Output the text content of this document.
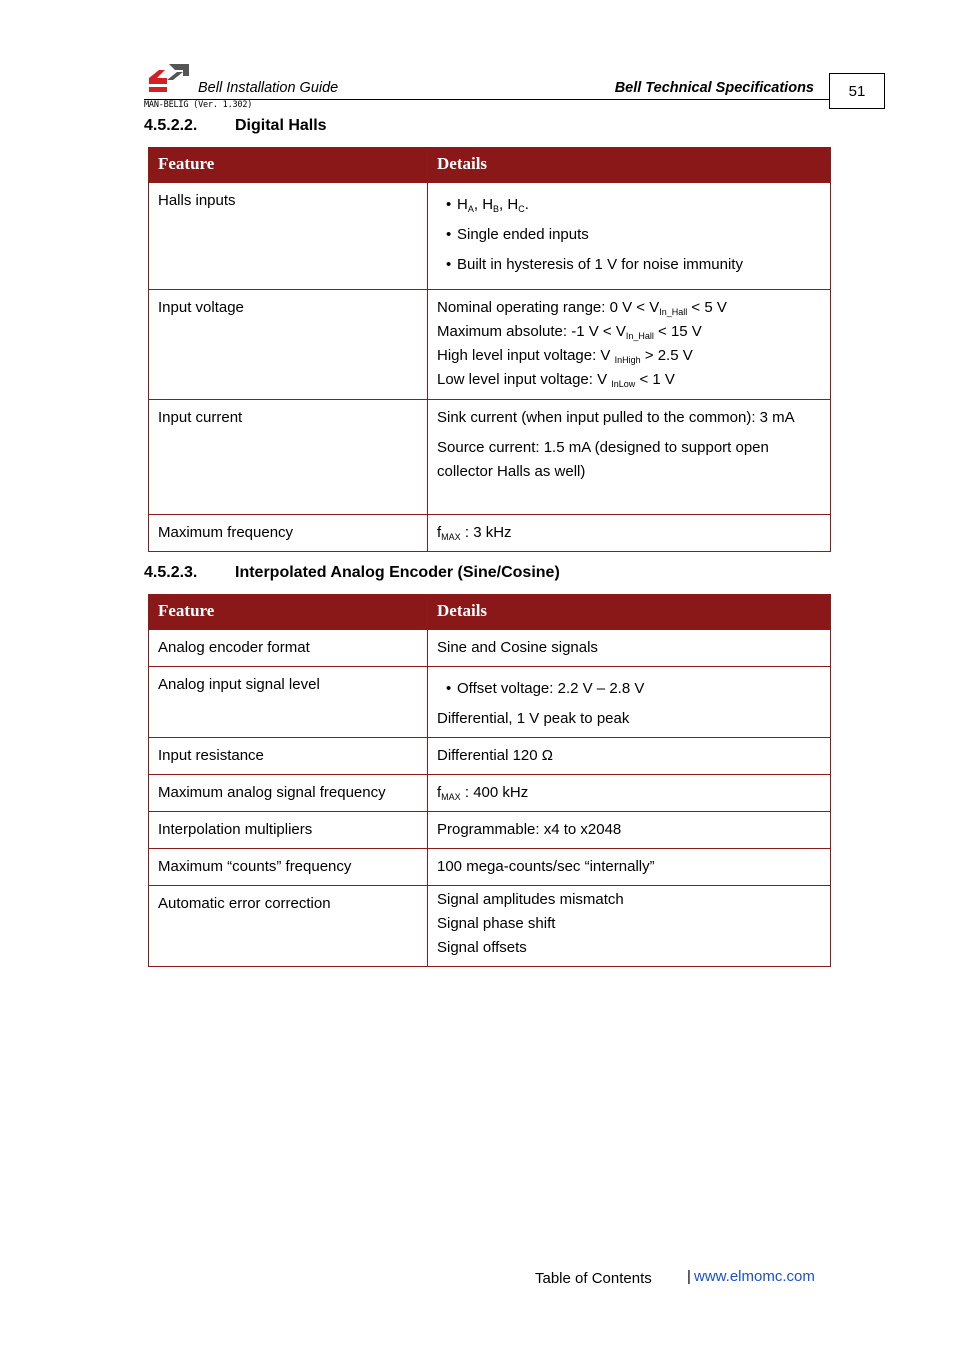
Bell Installation Guide	Bell Technical Specifications	51
MAN-BELIG (Ver. 1.302)
4.5.2.2. Digital Halls
Feature	Details
Halls inputs	• $H_A$, $H_B$, $H_C$.
• Single ended inputs
• Built in hysteresis of 1 V for noise immunity

Input voltage	Nominal operating range: 0 $V < V_{In\_Hall} < 5$ V
Maximum absolute: -1 $V < V_{In\_Hall} < 15$ V
High level input voltage: V $_{InHigh}$ > 2.5 V
Low level input voltage: V $_{InLow}$ < 1 V

Input current	Sink current (when input pulled to the common): 3 mA
Source current: 1.5 mA (designed to support open collector Halls as well)

Maximum frequency	$f_{MAX}$ : 3 kHz
4.5.2.3. Interpolated Analog Encoder (Sine/Cosine)
Feature	Details
Analog encoder format	Sine and Cosine signals
Analog input signal level	• Offset voltage: 2.2 V – 2.8 V
Differential, 1 V peak to peak

Input resistance	Differential 120 Ω
Maximum analog signal frequency	$f_{MAX}$ : 400 kHz
Interpolation multipliers	Programmable: x4 to x2048
Maximum “counts” frequency	100 mega-counts/sec “internally”
Automatic error correction	Signal amplitudes mismatch
Signal phase shift
Signal offsets
Table of Contents | www.elmomc.com
